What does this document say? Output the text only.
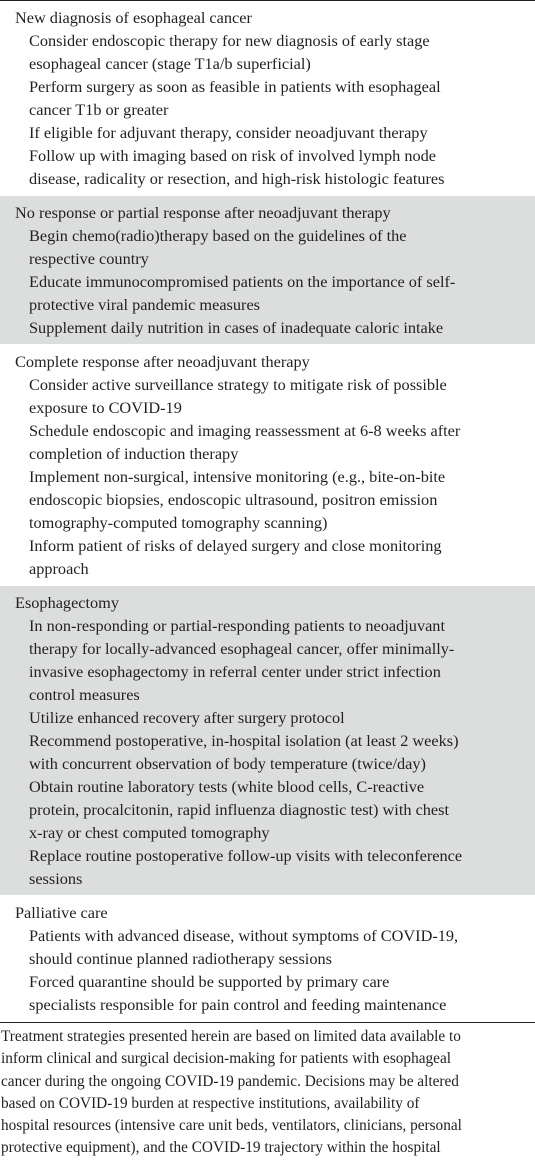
New diagnosis of esophageal cancer
Consider endoscopic therapy for new diagnosis of early stage
esophageal cancer (stage T1a/b superficial)
Perform surgery as soon as feasible in patients with esophageal
cancer T1b or greater
If eligible for adjuvant therapy, consider neoadjuvant therapy
Follow up with imaging based on risk of involved lymph node
disease, radicality or resection, and high-risk histologic features
No response or partial response after neoadjuvant therapy
Begin chemo(radio)therapy based on the guidelines of the
respective country
Educate immunocompromised patients on the importance of self-
protective viral pandemic measures
Supplement daily nutrition in cases of inadequate caloric intake
Complete response after neoadjuvant therapy
Consider active surveillance strategy to mitigate risk of possible
exposure to COVID-19
Schedule endoscopic and imaging reassessment at 6-8 weeks after
completion of induction therapy
Implement non-surgical, intensive monitoring (e.g., bite-on-bite
endoscopic biopsies, endoscopic ultrasound, positron emission
tomography-computed tomography scanning)
Inform patient of risks of delayed surgery and close monitoring
approach
Esophagectomy
In non-responding or partial-responding patients to neoadjuvant
therapy for locally-advanced esophageal cancer, offer minimally-
invasive esophagectomy in referral center under strict infection
control measures
Utilize enhanced recovery after surgery protocol
Recommend postoperative, in-hospital isolation (at least 2 weeks)
with concurrent observation of body temperature (twice/day)
Obtain routine laboratory tests (white blood cells, C-reactive
protein, procalcitonin, rapid influenza diagnostic test) with chest
x-ray or chest computed tomography
Replace routine postoperative follow-up visits with teleconference
sessions
Palliative care
Patients with advanced disease, without symptoms of COVID-19,
should continue planned radiotherapy sessions
Forced quarantine should be supported by primary care
specialists responsible for pain control and feeding maintenance
Treatment strategies presented herein are based on limited data available to
inform clinical and surgical decision-making for patients with esophageal
cancer during the ongoing COVID-19 pandemic. Decisions may be altered
based on COVID-19 burden at respective institutions, availability of
hospital resources (intensive care unit beds, ventilators, clinicians, personal
protective equipment), and the COVID-19 trajectory within the hospital
